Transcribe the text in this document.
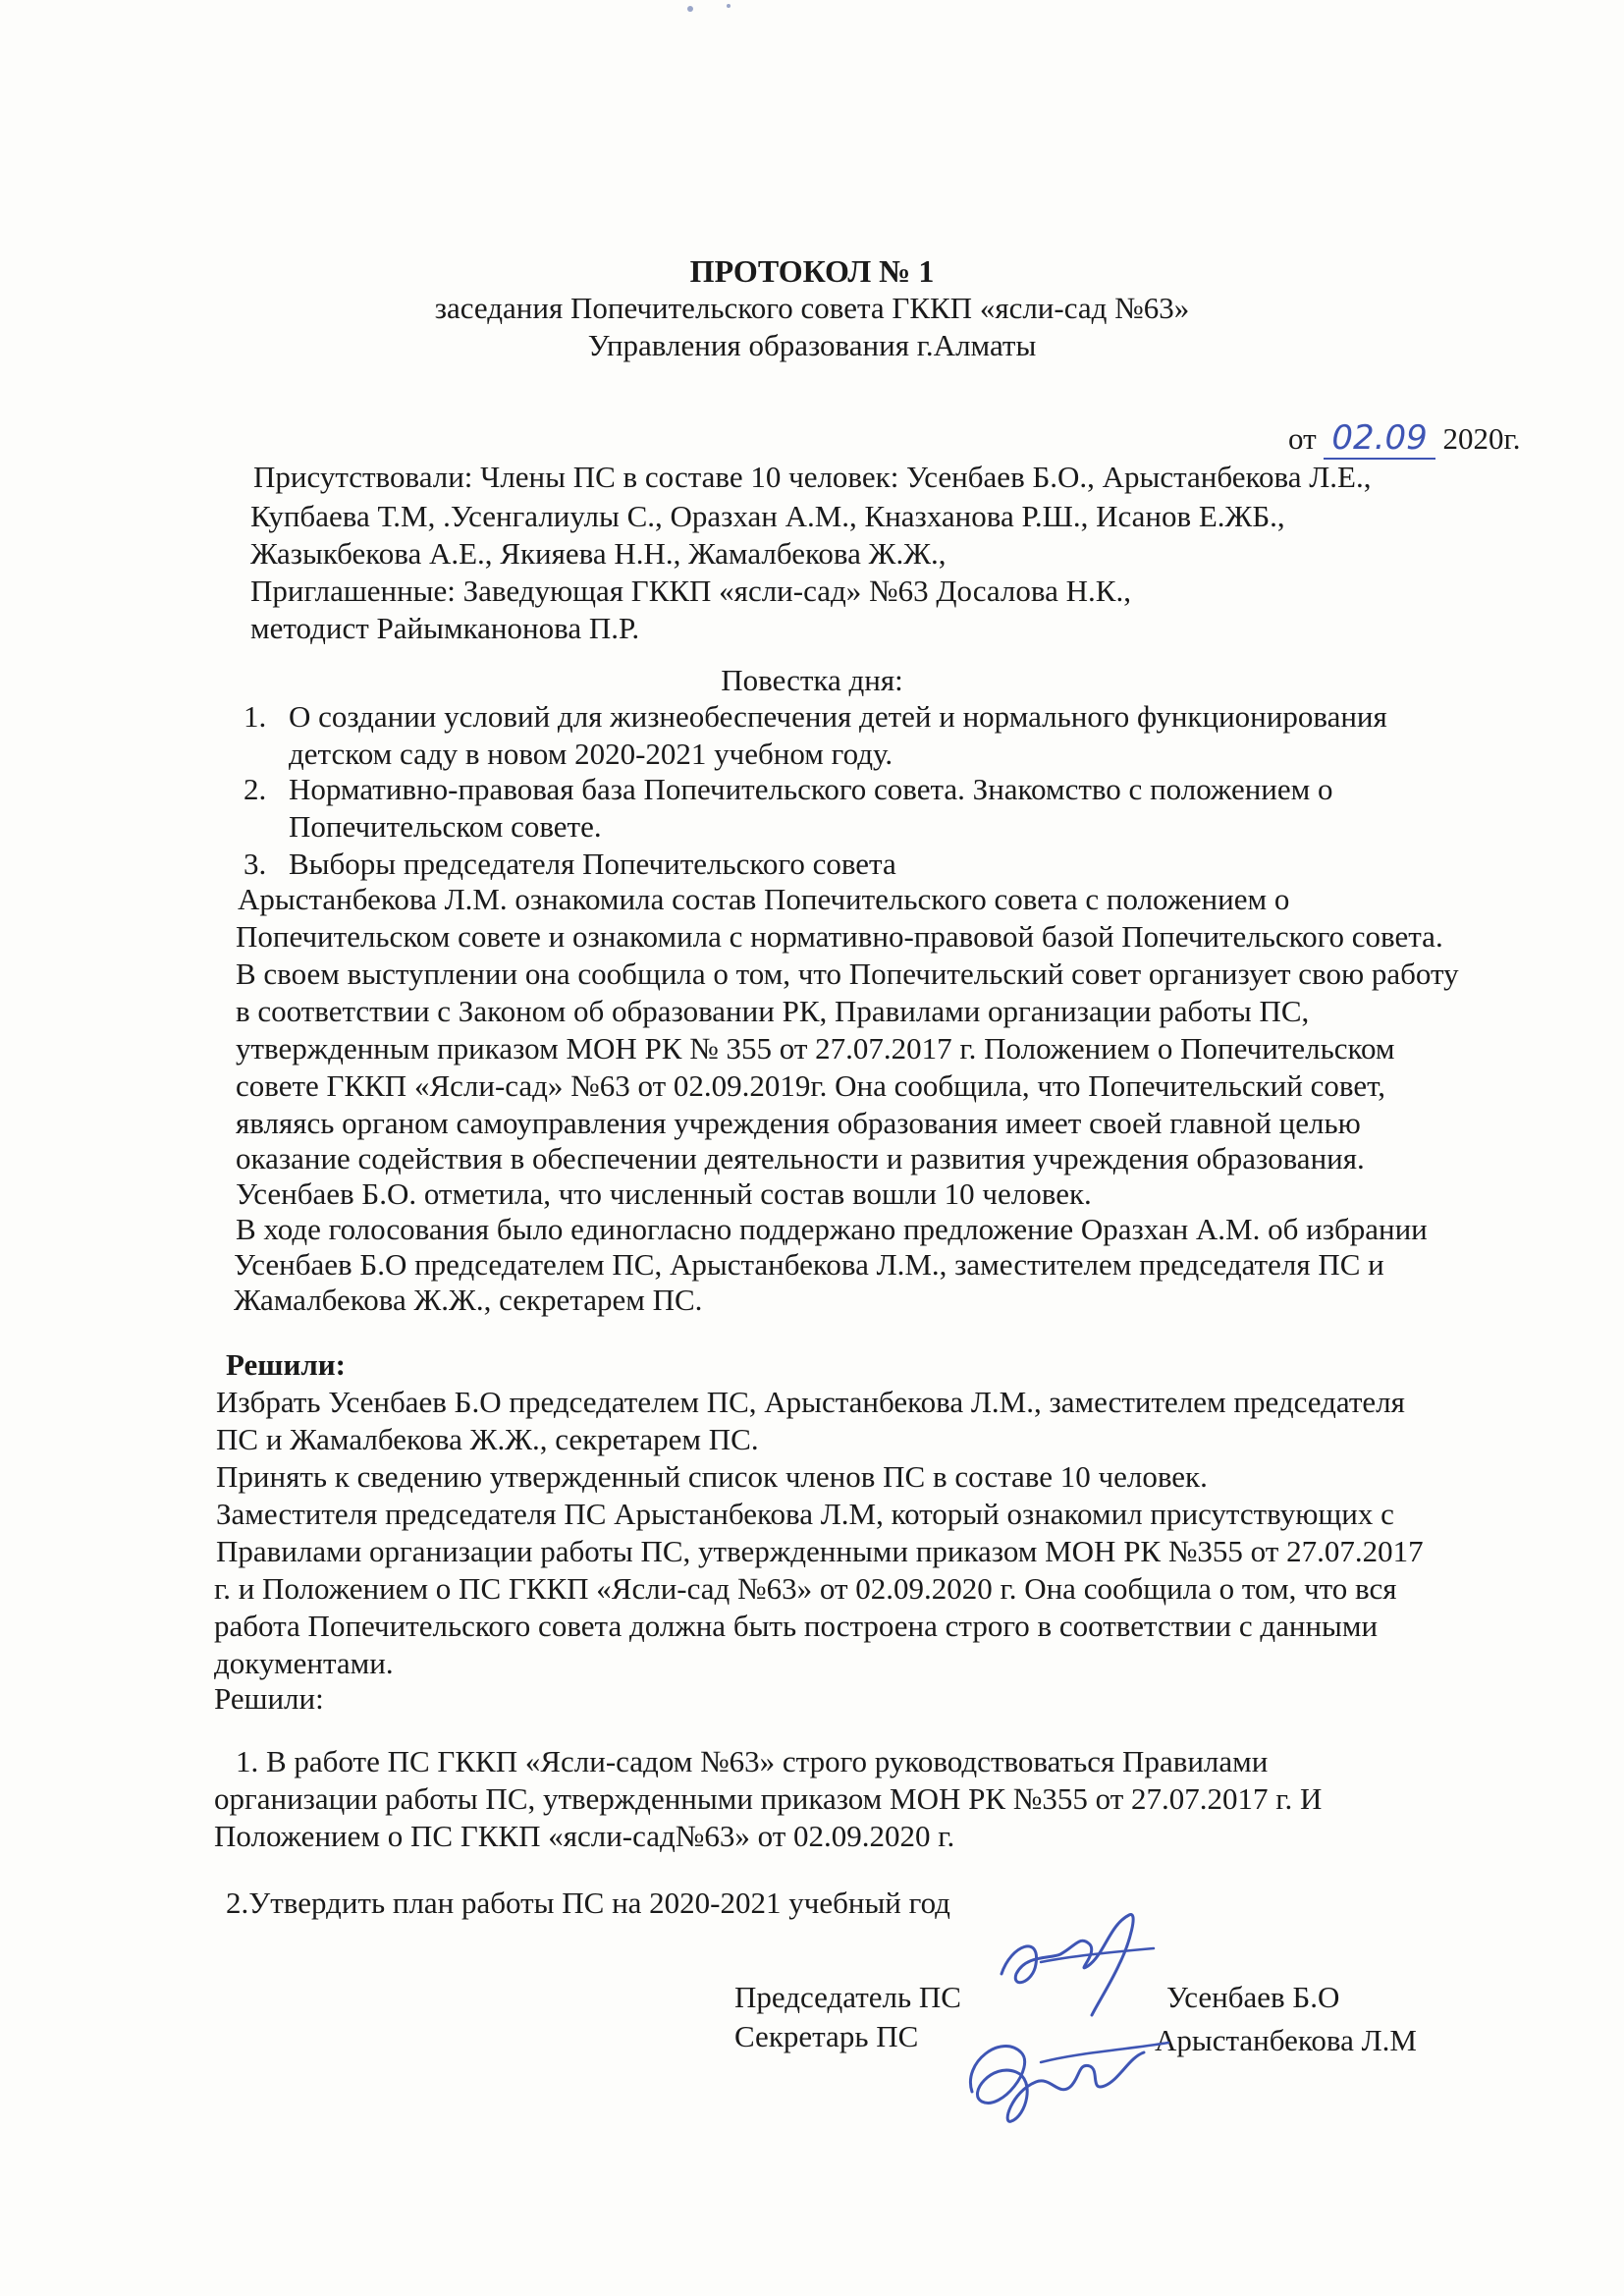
ПРОТОКОЛ № 1
заседания Попечительского совета ГККП «ясли-сад №63»
Управления образования г.Алматы
от 02.09 2020г.
Присутствовали: Члены ПС в составе 10 человек: Усенбаев Б.О., Арыстанбекова Л.Е.,
Купбаева Т.М, .Усенгалиулы С., Оразхан А.М., Кназханова Р.Ш., Исанов Е.ЖБ.,
Жазыкбекова А.Е., Якияева Н.Н., Жамалбекова Ж.Ж.,
Приглашенные: Заведующая ГККП «ясли-сад» №63 Досалова Н.К.,
методист Райымканонова П.Р.
Повестка дня:
1. О создании условий для жизнеобеспечения детей и нормального функционирования
детском саду в новом 2020-2021 учебном году.
2. Нормативно-правовая база Попечительского совета. Знакомство с положением о
Попечительском совете.
3. Выборы председателя Попечительского совета
Арыстанбекова Л.М. ознакомила состав Попечительского совета с положением о
Попечительском совете и ознакомила с нормативно-правовой базой Попечительского совета.
В своем выступлении она сообщила о том, что Попечительский совет организует свою работу
в соответствии с Законом об образовании РК, Правилами организации работы ПС,
утвержденным приказом МОН РК № 355 от 27.07.2017 г. Положением о Попечительском
совете ГККП «Ясли-сад» №63 от 02.09.2019г. Она сообщила, что Попечительский совет,
являясь органом самоуправления учреждения образования имеет своей главной целью
оказание содействия в обеспечении деятельности и развития учреждения образования.
Усенбаев Б.О. отметила, что численный состав вошли 10 человек.
В ходе голосования было единогласно поддержано предложение Оразхан А.М. об избрании
Усенбаев Б.О председателем ПС, Арыстанбекова Л.М., заместителем председателя ПС и
Жамалбекова Ж.Ж., секретарем ПС.
Решили:
Избрать Усенбаев Б.О председателем ПС, Арыстанбекова Л.М., заместителем председателя
ПС и Жамалбекова Ж.Ж., секретарем ПС.
Принять к сведению утвержденный список членов ПС в составе 10 человек.
Заместителя председателя ПС Арыстанбекова Л.М, который ознакомил присутствующих с
Правилами организации работы ПС, утвержденными приказом МОН РК №355 от 27.07.2017
г. и Положением о ПС ГККП «Ясли-сад №63» от 02.09.2020 г. Она сообщила о том, что вся
работа Попечительского совета должна быть построена строго в соответствии с данными
документами.
Решили:
1. В работе ПС ГККП «Ясли-садом №63» строго руководствоваться Правилами
организации работы ПС, утвержденными приказом МОН РК №355 от 27.07.2017 г. И
Положением о ПС ГККП «ясли-сад№63» от 02.09.2020 г.
2.Утвердить план работы ПС на 2020-2021 учебный год
Председатель ПС	Усенбаев Б.О
Секретарь ПС	Арыстанбекова Л.М
